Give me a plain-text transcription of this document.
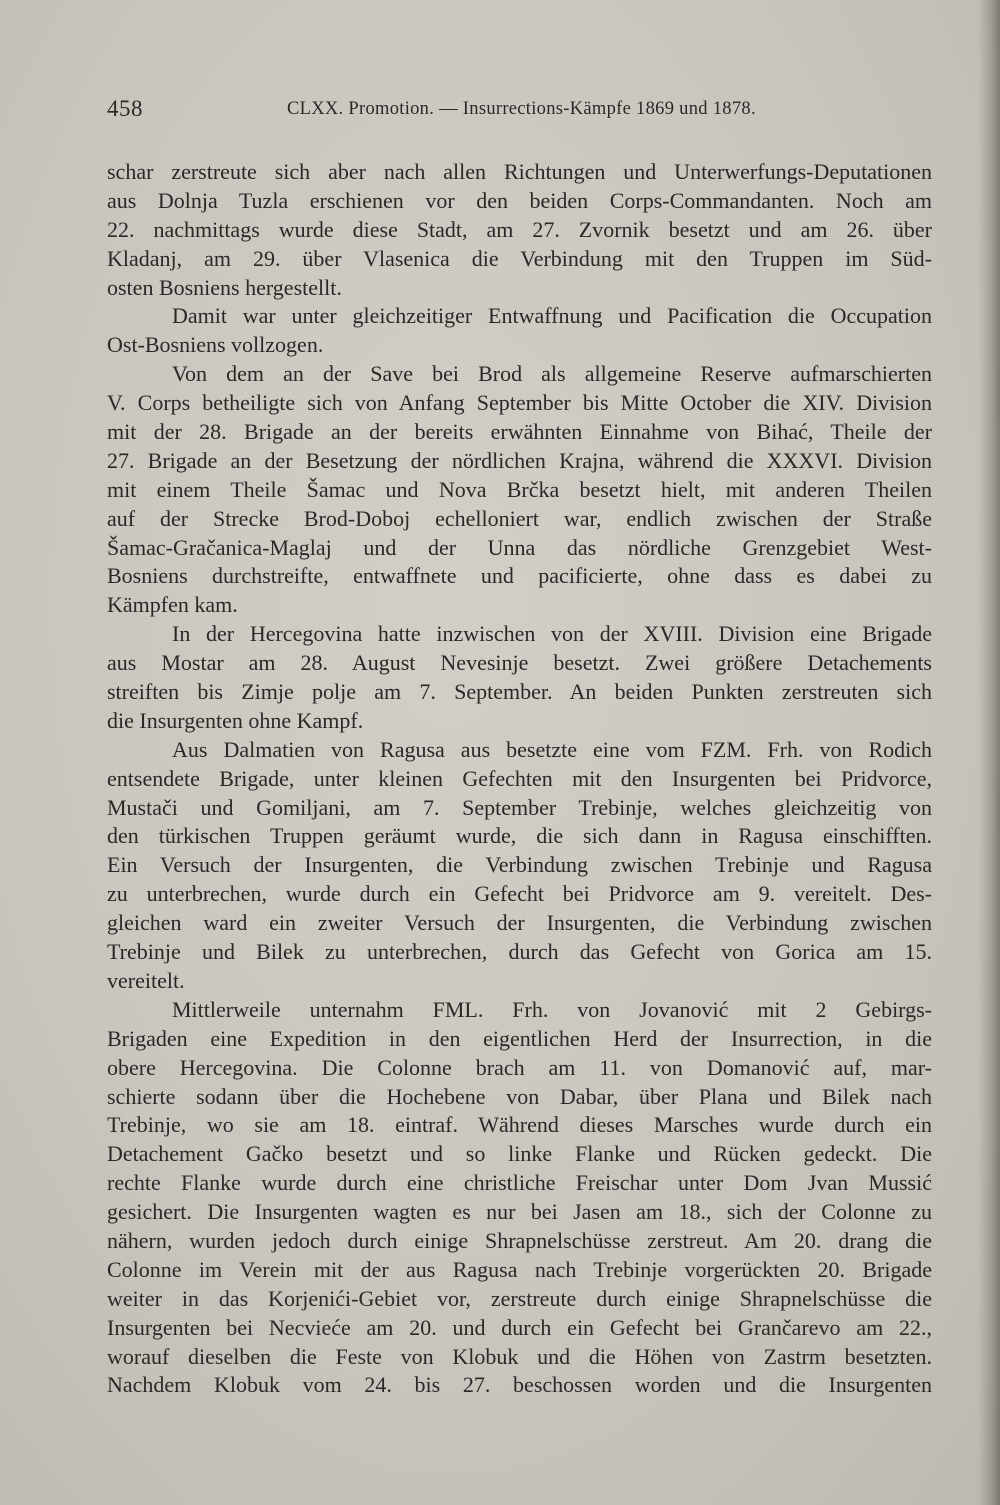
458	CLXX. Promotion. — Insurrections-Kämpfe 1869 und 1878.
schar zerstreute sich aber nach allen Richtungen und Unterwerfungs-Deputationen
aus Dolnja Tuzla erschienen vor den beiden Corps-Commandanten. Noch am
22. nachmittags wurde diese Stadt, am 27. Zvornik besetzt und am 26. über
Kladanj, am 29. über Vlasenica die Verbindung mit den Truppen im Süd-
osten Bosniens hergestellt.
Damit war unter gleichzeitiger Entwaffnung und Pacification die Occupation
Ost-Bosniens vollzogen.
Von dem an der Save bei Brod als allgemeine Reserve aufmarschierten
V. Corps betheiligte sich von Anfang September bis Mitte October die XIV. Division
mit der 28. Brigade an der bereits erwähnten Einnahme von Bihać, Theile der
27. Brigade an der Besetzung der nördlichen Krajna, während die XXXVI. Division
mit einem Theile Šamac und Nova Brčka besetzt hielt, mit anderen Theilen
auf der Strecke Brod-Doboj echelloniert war, endlich zwischen der Straße
Šamac-Gračanica-Maglaj und der Unna das nördliche Grenzgebiet West-
Bosniens durchstreifte, entwaffnete und pacificierte, ohne dass es dabei zu
Kämpfen kam.
In der Hercegovina hatte inzwischen von der XVIII. Division eine Brigade
aus Mostar am 28. August Nevesinje besetzt. Zwei größere Detachements
streiften bis Zimje polje am 7. September. An beiden Punkten zerstreuten sich
die Insurgenten ohne Kampf.
Aus Dalmatien von Ragusa aus besetzte eine vom FZM. Frh. von Rodich
entsendete Brigade, unter kleinen Gefechten mit den Insurgenten bei Pridvorce,
Mustači und Gomiljani, am 7. September Trebinje, welches gleichzeitig von
den türkischen Truppen geräumt wurde, die sich dann in Ragusa einschifften.
Ein Versuch der Insurgenten, die Verbindung zwischen Trebinje und Ragusa
zu unterbrechen, wurde durch ein Gefecht bei Pridvorce am 9. vereitelt. Des-
gleichen ward ein zweiter Versuch der Insurgenten, die Verbindung zwischen
Trebinje und Bilek zu unterbrechen, durch das Gefecht von Gorica am 15.
vereitelt.
Mittlerweile unternahm FML. Frh. von Jovanović mit 2 Gebirgs-
Brigaden eine Expedition in den eigentlichen Herd der Insurrection, in die
obere Hercegovina. Die Colonne brach am 11. von Domanović auf, mar-
schierte sodann über die Hochebene von Dabar, über Plana und Bilek nach
Trebinje, wo sie am 18. eintraf. Während dieses Marsches wurde durch ein
Detachement Gačko besetzt und so linke Flanke und Rücken gedeckt. Die
rechte Flanke wurde durch eine christliche Freischar unter Dom Jvan Mussić
gesichert. Die Insurgenten wagten es nur bei Jasen am 18., sich der Colonne zu
nähern, wurden jedoch durch einige Shrapnelschüsse zerstreut. Am 20. drang die
Colonne im Verein mit der aus Ragusa nach Trebinje vorgerückten 20. Brigade
weiter in das Korjenići-Gebiet vor, zerstreute durch einige Shrapnelschüsse die
Insurgenten bei Necvieće am 20. und durch ein Gefecht bei Grančarevo am 22.,
worauf dieselben die Feste von Klobuk und die Höhen von Zastrm besetzten.
Nachdem Klobuk vom 24. bis 27. beschossen worden und die Insurgenten
